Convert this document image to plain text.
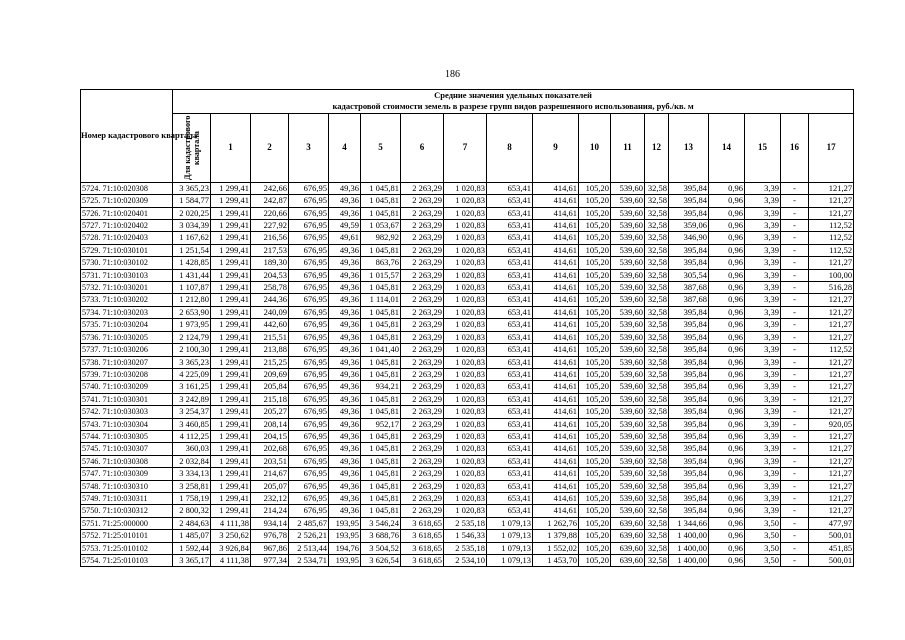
186
Номер кадастрового квартала	Средние значения удельных показателей
кадастровой стоимости земель в разрезе групп видов разрешенного использования, руб./кв. м																	

	Для кадастрового квартала	1	2	3	4	5	6	7	8	9	10	11	12	13	14	15	16	17
5724. 71:10:020308	3 365,23	1 299,41	242,66	676,95	49,36	1 045,81	2 263,29	1 020,83	653,41	414,61	105,20	539,60	32,58	395,84	0,96	3,39	-	121,27
5725. 71:10:020309	1 584,77	1 299,41	242,87	676,95	49,36	1 045,81	2 263,29	1 020,83	653,41	414,61	105,20	539,60	32,58	395,84	0,96	3,39	-	121,27
5726. 71:10:020401	2 020,25	1 299,41	220,66	676,95	49,36	1 045,81	2 263,29	1 020,83	653,41	414,61	105,20	539,60	32,58	395,84	0,96	3,39	-	121,27
5727. 71:10:020402	3 034,39	1 299,41	227,92	676,95	49,59	1 053,67	2 263,29	1 020,83	653,41	414,61	105,20	539,60	32,58	359,06	0,96	3,39	-	112,52
5728. 71:10:020403	1 167,62	1 299,41	216,56	676,95	49,61	982,92	2 263,29	1 020,83	653,41	414,61	105,20	539,60	32,58	346,90	0,96	3,39	-	112,52
5729. 71:10:030101	1 251,54	1 299,41	217,53	676,95	49,36	1 045,81	2 263,29	1 020,83	653,41	414,61	105,20	539,60	32,58	395,84	0,96	3,39	-	112,52
5730. 71:10:030102	1 428,85	1 299,41	189,30	676,95	49,36	863,76	2 263,29	1 020,83	653,41	414,61	105,20	539,60	32,58	395,84	0,96	3,39	-	121,27
5731. 71:10:030103	1 431,44	1 299,41	204,53	676,95	49,36	1 015,57	2 263,29	1 020,83	653,41	414,61	105,20	539,60	32,58	305,54	0,96	3,39	-	100,00
5732. 71:10:030201	1 107,87	1 299,41	258,78	676,95	49,36	1 045,81	2 263,29	1 020,83	653,41	414,61	105,20	539,60	32,58	387,68	0,96	3,39	-	516,28
5733. 71:10:030202	1 212,80	1 299,41	244,36	676,95	49,36	1 114,01	2 263,29	1 020,83	653,41	414,61	105,20	539,60	32,58	387,68	0,96	3,39	-	121,27
5734. 71:10:030203	2 653,90	1 299,41	240,09	676,95	49,36	1 045,81	2 263,29	1 020,83	653,41	414,61	105,20	539,60	32,58	395,84	0,96	3,39	-	121,27
5735. 71:10:030204	1 973,95	1 299,41	442,60	676,95	49,36	1 045,81	2 263,29	1 020,83	653,41	414,61	105,20	539,60	32,58	395,84	0,96	3,39	-	121,27
5736. 71:10:030205	2 124,79	1 299,41	215,51	676,95	49,36	1 045,81	2 263,29	1 020,83	653,41	414,61	105,20	539,60	32,58	395,84	0,96	3,39	-	121,27
5737. 71:10:030206	2 100,30	1 299,41	213,88	676,95	49,36	1 041,40	2 263,29	1 020,83	653,41	414,61	105,20	539,60	32,58	395,84	0,96	3,39	-	112,52
5738. 71:10:030207	3 365,23	1 299,41	215,25	676,95	49,36	1 045,81	2 263,29	1 020,83	653,41	414,61	105,20	539,60	32,58	395,84	0,96	3,39	-	121,27
5739. 71:10:030208	4 225,09	1 299,41	209,69	676,95	49,36	1 045,81	2 263,29	1 020,83	653,41	414,61	105,20	539,60	32,58	395,84	0,96	3,39	-	121,27
5740. 71:10:030209	3 161,25	1 299,41	205,84	676,95	49,36	934,21	2 263,29	1 020,83	653,41	414,61	105,20	539,60	32,58	395,84	0,96	3,39	-	121,27
5741. 71:10:030301	3 242,89	1 299,41	215,18	676,95	49,36	1 045,81	2 263,29	1 020,83	653,41	414,61	105,20	539,60	32,58	395,84	0,96	3,39	-	121,27
5742. 71:10:030303	3 254,37	1 299,41	205,27	676,95	49,36	1 045,81	2 263,29	1 020,83	653,41	414,61	105,20	539,60	32,58	395,84	0,96	3,39	-	121,27
5743. 71:10:030304	3 460,85	1 299,41	208,14	676,95	49,36	952,17	2 263,29	1 020,83	653,41	414,61	105,20	539,60	32,58	395,84	0,96	3,39	-	920,05
5744. 71:10:030305	4 112,25	1 299,41	204,15	676,95	49,36	1 045,81	2 263,29	1 020,83	653,41	414,61	105,20	539,60	32,58	395,84	0,96	3,39	-	121,27
5745. 71:10:030307	360,03	1 299,41	202,68	676,95	49,36	1 045,81	2 263,29	1 020,83	653,41	414,61	105,20	539,60	32,58	395,84	0,96	3,39	-	121,27
5746. 71:10:030308	2 032,84	1 299,41	203,51	676,95	49,36	1 045,81	2 263,29	1 020,83	653,41	414,61	105,20	539,60	32,58	395,84	0,96	3,39	-	121,27
5747. 71:10:030309	3 334,13	1 299,41	214,67	676,95	49,36	1 045,81	2 263,29	1 020,83	653,41	414,61	105,20	539,60	32,58	395,84	0,96	3,39	-	121,27
5748. 71:10:030310	3 258,81	1 299,41	205,07	676,95	49,36	1 045,81	2 263,29	1 020,83	653,41	414,61	105,20	539,60	32,58	395,84	0,96	3,39	-	121,27
5749. 71:10:030311	1 758,19	1 299,41	232,12	676,95	49,36	1 045,81	2 263,29	1 020,83	653,41	414,61	105,20	539,60	32,58	395,84	0,96	3,39	-	121,27
5750. 71:10:030312	2 800,32	1 299,41	214,24	676,95	49,36	1 045,81	2 263,29	1 020,83	653,41	414,61	105,20	539,60	32,58	395,84	0,96	3,39	-	121,27
5751. 71:25:000000	2 484,63	4 111,38	934,14	2 485,67	193,95	3 546,24	3 618,65	2 535,18	1 079,13	1 262,76	105,20	639,60	32,58	1 344,66	0,96	3,50	-	477,97
5752. 71:25:010101	1 485,07	3 250,62	976,78	2 526,21	193,95	3 688,76	3 618,65	1 546,33	1 079,13	1 379,88	105,20	639,60	32,58	1 400,00	0,96	3,50	-	500,01
5753. 71:25:010102	1 592,44	3 926,84	967,86	2 513,44	194,76	3 504,52	3 618,65	2 535,18	1 079,13	1 552,02	105,20	639,60	32,58	1 400,00	0,96	3,50	-	451,85
5754. 71:25:010103	3 365,17	4 111,38	977,34	2 534,71	193,95	3 626,54	3 618,65	2 534,10	1 079,13	1 453,70	105,20	639,60	32,58	1 400,00	0,96	3,50	-	500,01
